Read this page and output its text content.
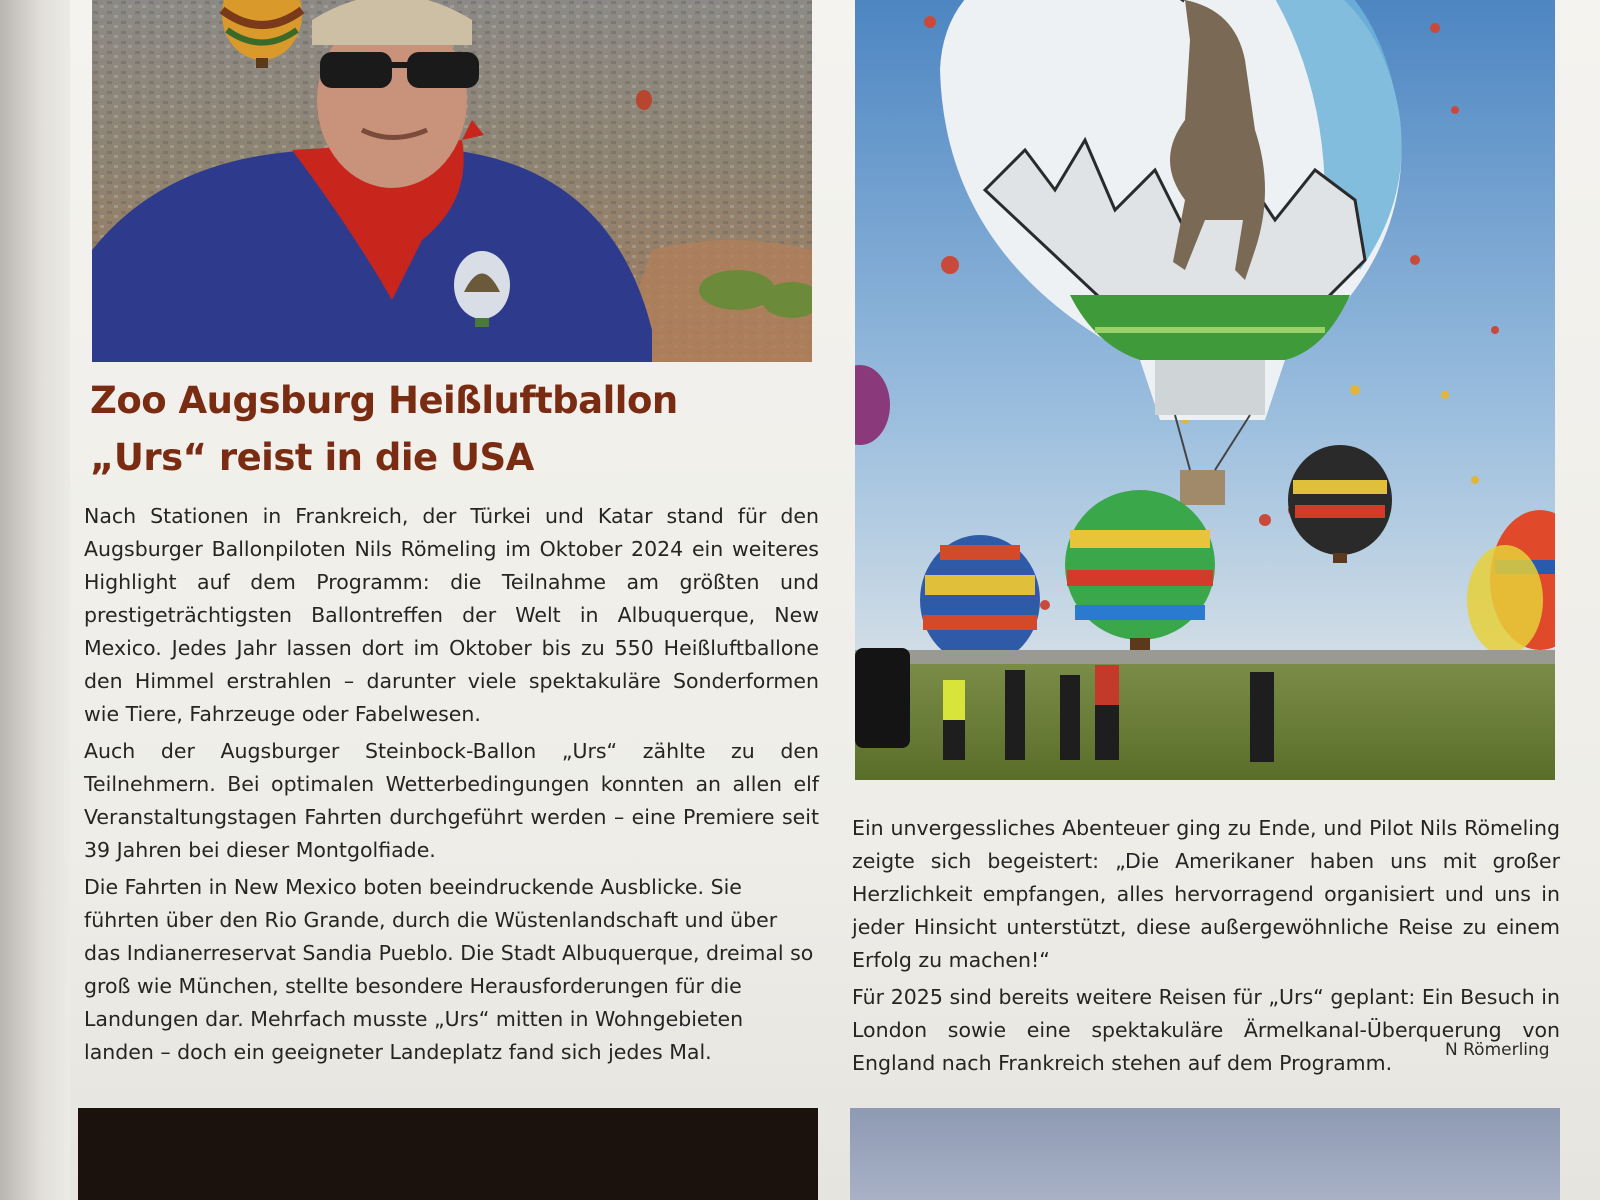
Zoo Augsburg Heißluftballon
„Urs“ reist in die USA

Nach Stationen in Frankreich, der Türkei und Katar stand für den Augsburger Ballonpiloten Nils Römeling im Oktober 2024 ein weiteres Highlight auf dem Programm: die Teilnahme am größten und prestigeträchtigsten Ballontreffen der Welt in Albuquerque, New Mexico. Jedes Jahr lassen dort im Oktober bis zu 550 Heißluftballone den Himmel erstrahlen – darunter viele spektakuläre Sonderformen wie Tiere, Fahrzeuge oder Fabelwesen.

Auch der Augsburger Steinbock-Ballon „Urs“ zählte zu den Teilnehmern. Bei optimalen Wetterbedingungen konnten an allen elf Veranstaltungstagen Fahrten durchgeführt werden – eine Premiere seit 39 Jahren bei dieser Montgolfiade.

Die Fahrten in New Mexico boten beeindruckende Ausblicke. Sie führten über den Rio Grande, durch die Wüstenlandschaft und über das Indianerreservat Sandia Pueblo. Die Stadt Albuquerque, dreimal so groß wie München, stellte besondere Herausforderungen für die Landungen dar. Mehrfach musste „Urs“ mitten in Wohngebieten landen – doch ein geeigneter Landeplatz fand sich jedes Mal.

Ein unvergessliches Abenteuer ging zu Ende, und Pilot Nils Römeling zeigte sich begeistert: „Die Amerikaner haben uns mit großer Herzlichkeit empfangen, alles hervorragend organisiert und uns in jeder Hinsicht unterstützt, diese außergewöhnliche Reise zu einem Erfolg zu machen!“

Für 2025 sind bereits weitere Reisen für „Urs“ geplant: Ein Besuch in London sowie eine spektakuläre Ärmelkanal-Überquerung von England nach Frankreich stehen auf dem Programm.

N Römerling
